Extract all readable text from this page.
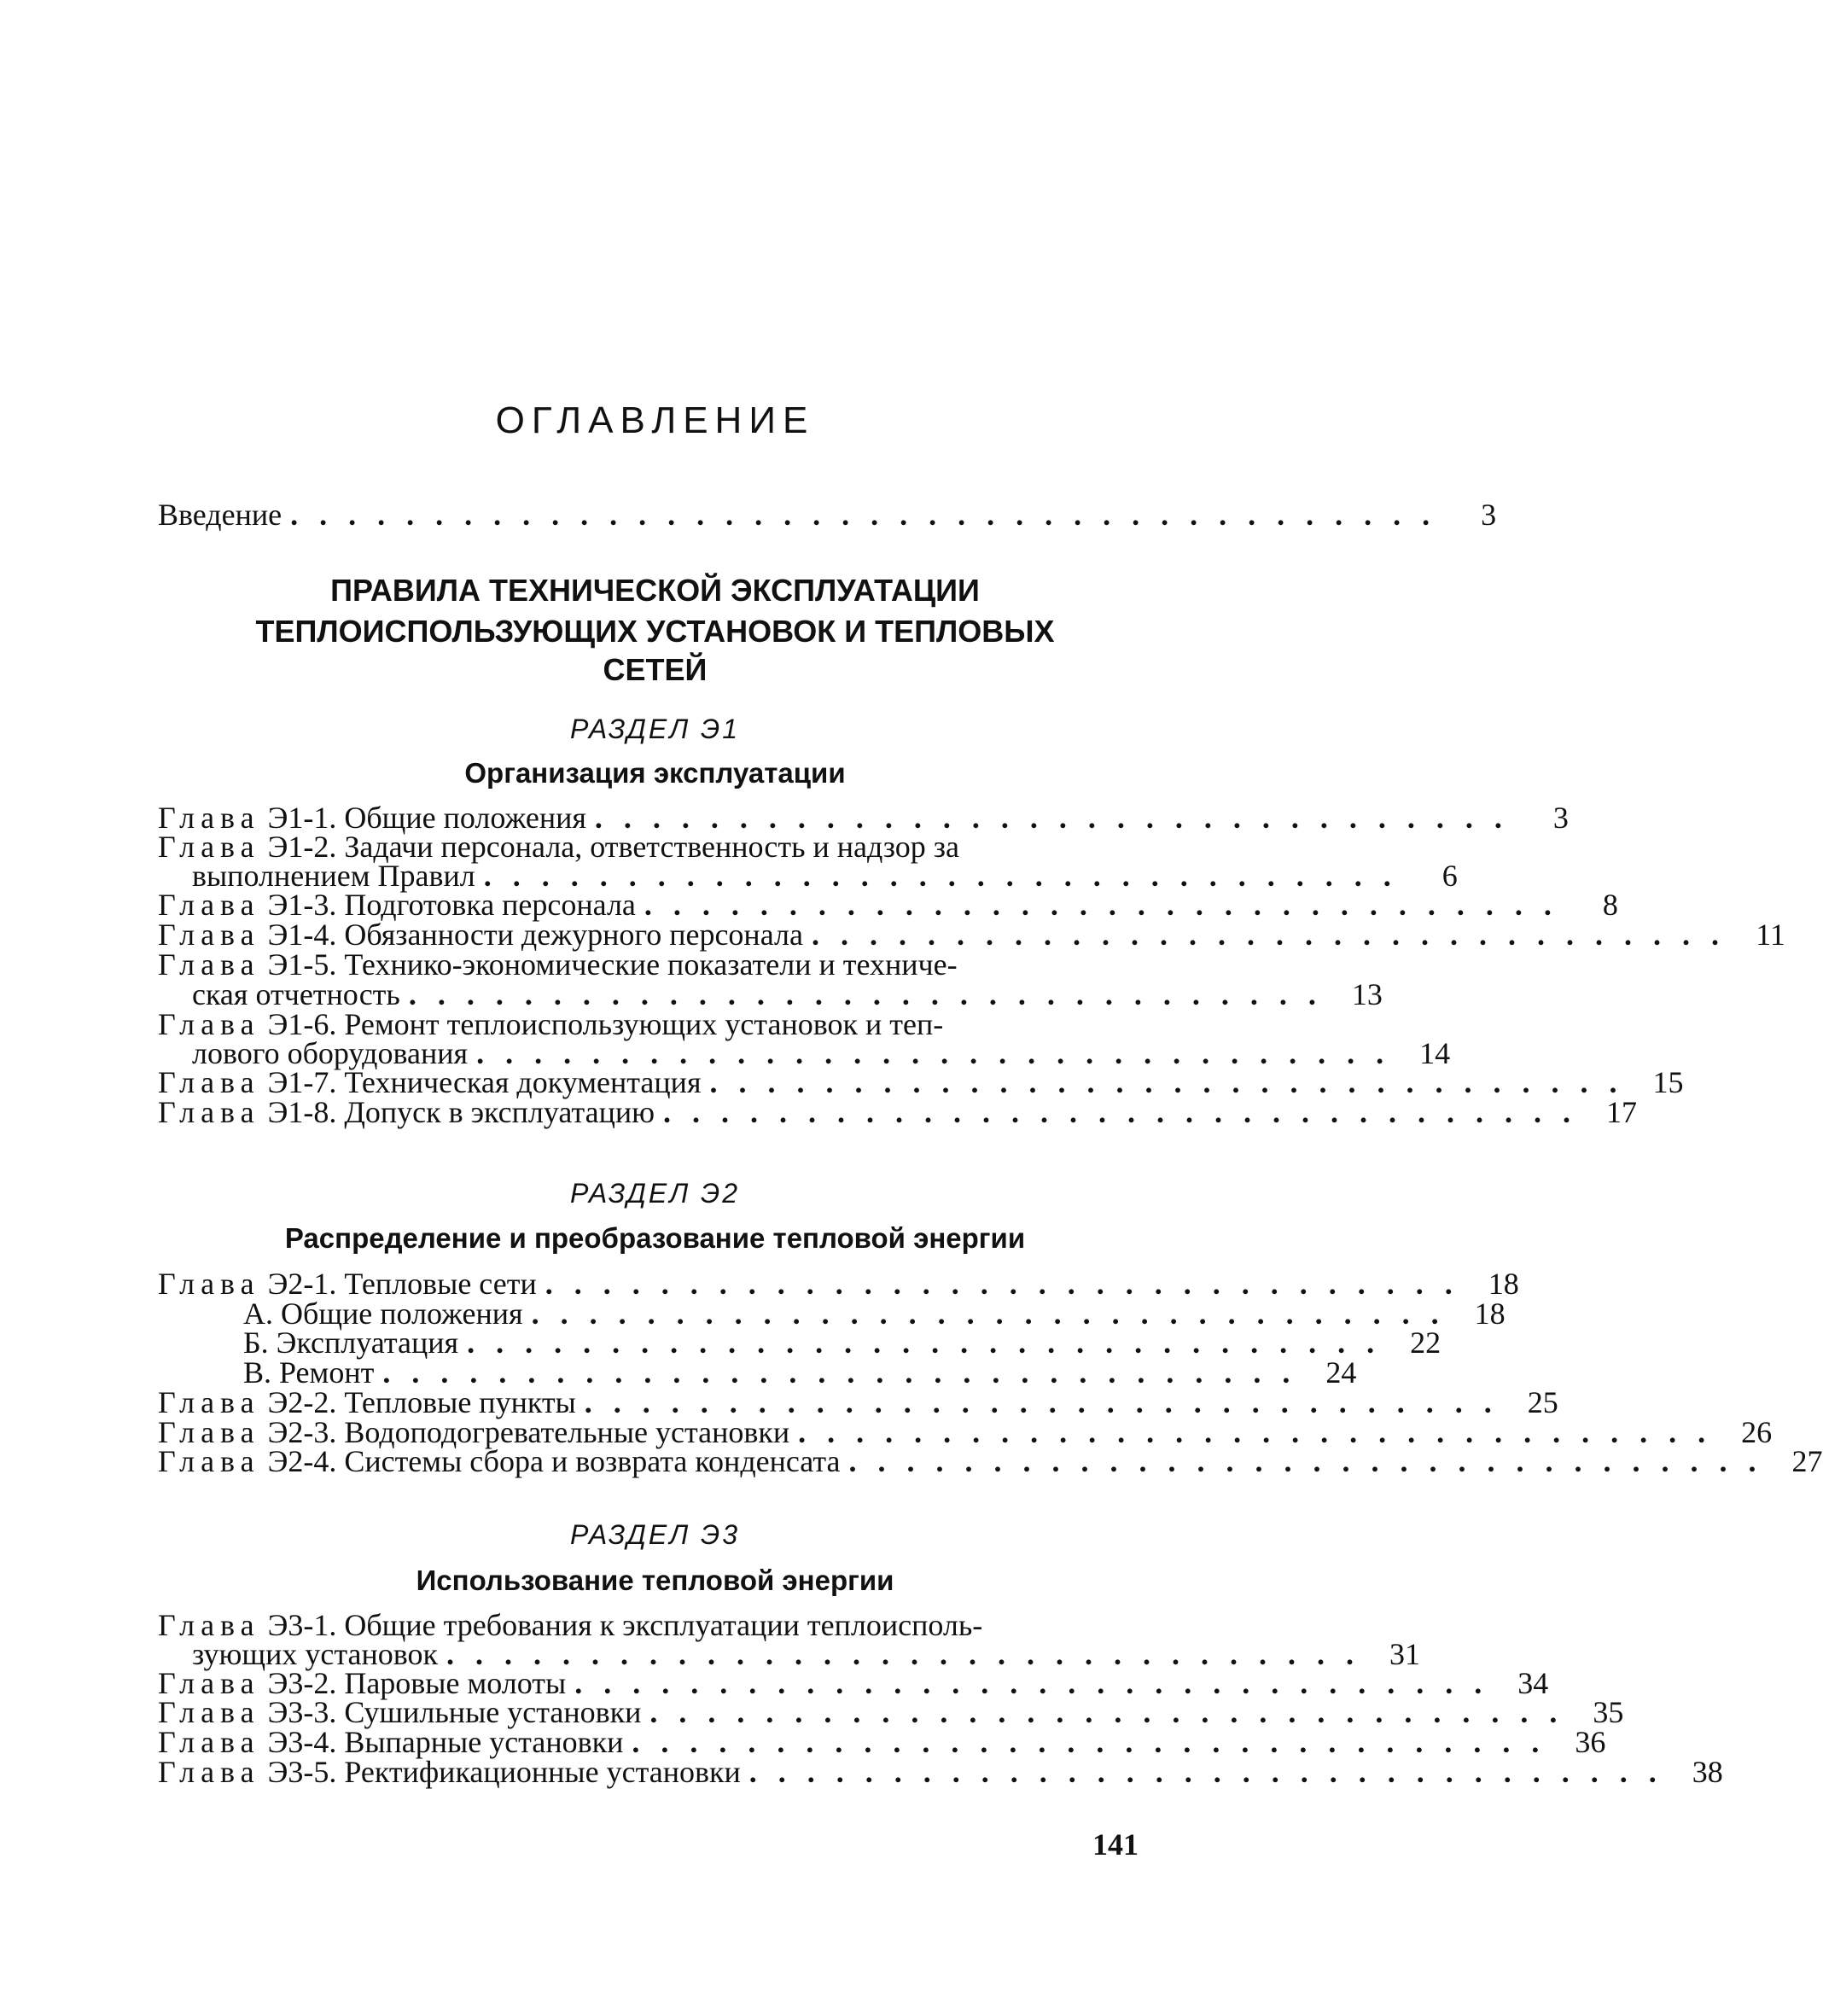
ОГЛАВЛЕНИЕ
Введение . . . . . . . . . . . . . . . . . . . . . . . . . . . . . . . . . . . . . . . .	3
ПРАВИЛА ТЕХНИЧЕСКОЙ ЭКСПЛУАТАЦИИ
ТЕПЛОИСПОЛЬЗУЮЩИХ УСТАНОВОК И ТЕПЛОВЫХ
СЕТЕЙ
РАЗДЕЛ Э1
Организация эксплуатации
Глава Э1-1. Общие положения . . . . . . . . . . . . . . . . . . . . . . . . . . . . . . . .	3
Глава Э1-2. Задачи персонала, ответственность и надзор за
выполнением Правил . . . . . . . . . . . . . . . . . . . . . . . . . . . . . . . .	6
Глава Э1-3. Подготовка персонала . . . . . . . . . . . . . . . . . . . . . . . . . . . . . . . .	8
Глава Э1-4. Обязанности дежурного персонала . . . . . . . . . . . . . . . . . . . . . . . . . . . . . . . . 11
Глава Э1-5. Технико-экономические показатели и техниче-
ская отчетность . . . . . . . . . . . . . . . . . . . . . . . . . . . . . . . . 13
Глава Э1-6. Ремонт теплоиспользующих установок и теп-
лового оборудования . . . . . . . . . . . . . . . . . . . . . . . . . . . . . . . . 14
Глава Э1-7. Техническая документация . . . . . . . . . . . . . . . . . . . . . . . . . . . . . . . . 15
Глава Э1-8. Допуск в эксплуатацию . . . . . . . . . . . . . . . . . . . . . . . . . . . . . . . . 17
РАЗДЕЛ Э2
Распределение и преобразование тепловой энергии
Глава Э2-1. Тепловые сети . . . . . . . . . . . . . . . . . . . . . . . . . . . . . . . . 18
А. Общие положения . . . . . . . . . . . . . . . . . . . . . . . . . . . . . . . . 18
Б. Эксплуатация . . . . . . . . . . . . . . . . . . . . . . . . . . . . . . . . 22
В. Ремонт . . . . . . . . . . . . . . . . . . . . . . . . . . . . . . . . 24
Глава Э2-2. Тепловые пункты . . . . . . . . . . . . . . . . . . . . . . . . . . . . . . . . 25
Глава Э2-3. Водоподогревательные установки . . . . . . . . . . . . . . . . . . . . . . . . . . . . . . . . 26
Глава Э2-4. Системы сбора и возврата конденсата . . . . . . . . . . . . . . . . . . . . . . . . . . . . . . . . 27
РАЗДЕЛ Э3
Использование тепловой энергии
Глава Э3-1. Общие требования к эксплуатации теплоисполь-
зующих установок . . . . . . . . . . . . . . . . . . . . . . . . . . . . . . . . 31
Глава Э3-2. Паровые молоты . . . . . . . . . . . . . . . . . . . . . . . . . . . . . . . . 34
Глава Э3-3. Сушильные установки . . . . . . . . . . . . . . . . . . . . . . . . . . . . . . . . 35
Глава Э3-4. Выпарные установки . . . . . . . . . . . . . . . . . . . . . . . . . . . . . . . . 36
Глава Э3-5. Ректификационные установки . . . . . . . . . . . . . . . . . . . . . . . . . . . . . . . . 38
141
